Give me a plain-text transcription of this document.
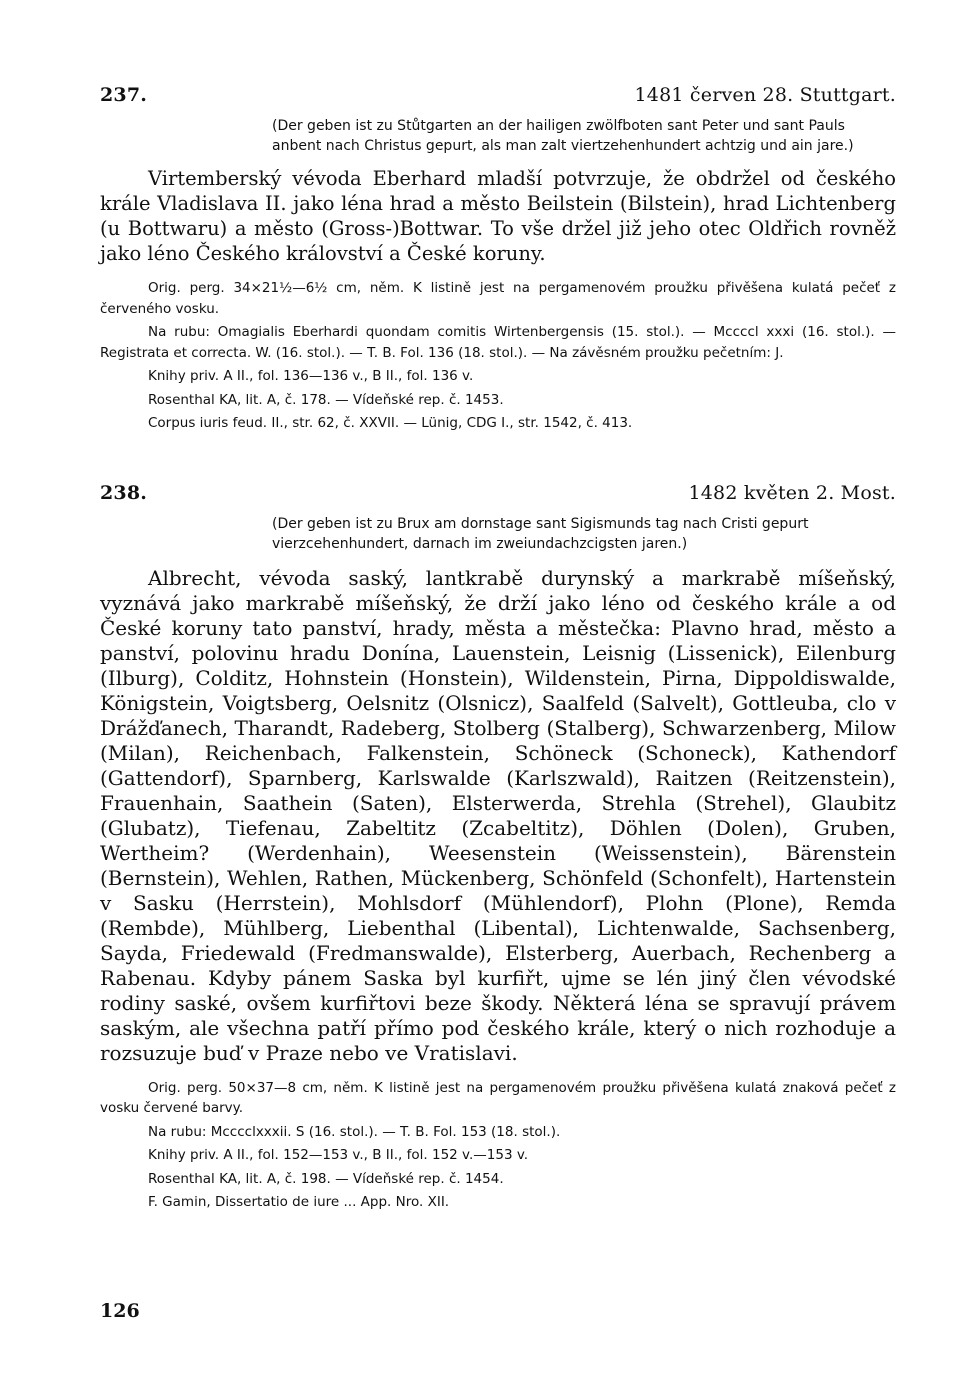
237.	1481 červen 28. Stuttgart.

(Der geben ist zu Stůtgarten an der hailigen zwölfboten sant Peter und sant Pauls anbent nach Christus gepurt, als man zalt viertzehenhundert achtzig und ain jare.)

Virtemberský vévoda Eberhard mladší potvrzuje, že obdržel od českého krále Vladislava II. jako léna hrad a město Beilstein (Bilstein), hrad Lichtenberg (u Bottwaru) a město (Gross-)Bottwar. To vše držel již jeho otec Oldřich rovněž jako léno Českého království a České koruny.

Orig. perg. 34×21½—6½ cm, něm. K listině jest na pergamenovém proužku přivěšena kulatá pečeť z červeného vosku.

Na rubu: Omagialis Eberhardi quondam comitis Wirtenbergensis (15. stol.). — Mccccl xxxi (16. stol.). — Registrata et correcta. W. (16. stol.). — T. B. Fol. 136 (18. stol.). — Na závěsném proužku pečetním: J.

Knihy priv. A II., fol. 136—136 v., B II., fol. 136 v.

Rosenthal KA, lit. A, č. 178. — Vídeňské rep. č. 1453.

Corpus iuris feud. II., str. 62, č. XXVII. — Lünig, CDG I., str. 1542, č. 413.

238.	1482 květen 2. Most.

(Der geben ist zu Brux am dornstage sant Sigismunds tag nach Cristi gepurt vierzcehenhundert, darnach im zweiundachzcigsten jaren.)

Albrecht, vévoda saský, lantkrabě durynský a markrabě míšeňský, vyznává jako markrabě míšeňský, že drží jako léno od českého krále a od České koruny tato panství, hrady, města a městečka: Plavno hrad, město a panství, polovinu hradu Donína, Lauenstein, Leisnig (Lissenick), Eilenburg (Ilburg), Colditz, Hohnstein (Honstein), Wildenstein, Pirna, Dippoldiswalde, Königstein, Voigtsberg, Oelsnitz (Olsnicz), Saalfeld (Salvelt), Gottleuba, clo v Drážďanech, Tharandt, Radeberg, Stolberg (Stalberg), Schwarzenberg, Milow (Milan), Reichenbach, Falkenstein, Schöneck (Schoneck), Kathendorf (Gattendorf), Sparnberg, Karlswalde (Karlszwald), Raitzen (Reitzenstein), Frauenhain, Saathein (Saten), Elsterwerda, Strehla (Strehel), Glaubitz (Glubatz), Tiefenau, Zabeltitz (Zcabeltitz), Döhlen (Dolen), Gruben, Wertheim? (Werdenhain), Weesenstein (Weissenstein), Bärenstein (Bernstein), Wehlen, Rathen, Mückenberg, Schönfeld (Schonfelt), Hartenstein v Sasku (Herrstein), Mohlsdorf (Mühlendorf), Plohn (Plone), Remda (Rembde), Mühlberg, Liebenthal (Libental), Lichtenwalde, Sachsenberg, Sayda, Friedewald (Fredmanswalde), Elsterberg, Auerbach, Rechenberg a Rabenau. Kdyby pánem Saska byl kurfiřt, ujme se lén jiný člen vévodské rodiny saské, ovšem kurfiřtovi beze škody. Některá léna se spravují právem saským, ale všechna patří přímo pod českého krále, který o nich rozhoduje a rozsuzuje buď v Praze nebo ve Vratislavi.

Orig. perg. 50×37—8 cm, něm. K listině jest na pergamenovém proužku přivěšena kulatá znaková pečeť z vosku červené barvy.

Na rubu: Mcccclxxxii. S (16. stol.). — T. B. Fol. 153 (18. stol.).

Knihy priv. A II., fol. 152—153 v., B II., fol. 152 v.—153 v.

Rosenthal KA, lit. A, č. 198. — Vídeňské rep. č. 1454.

F. Gamin, Dissertatio de iure ... App. Nro. XII.

126
